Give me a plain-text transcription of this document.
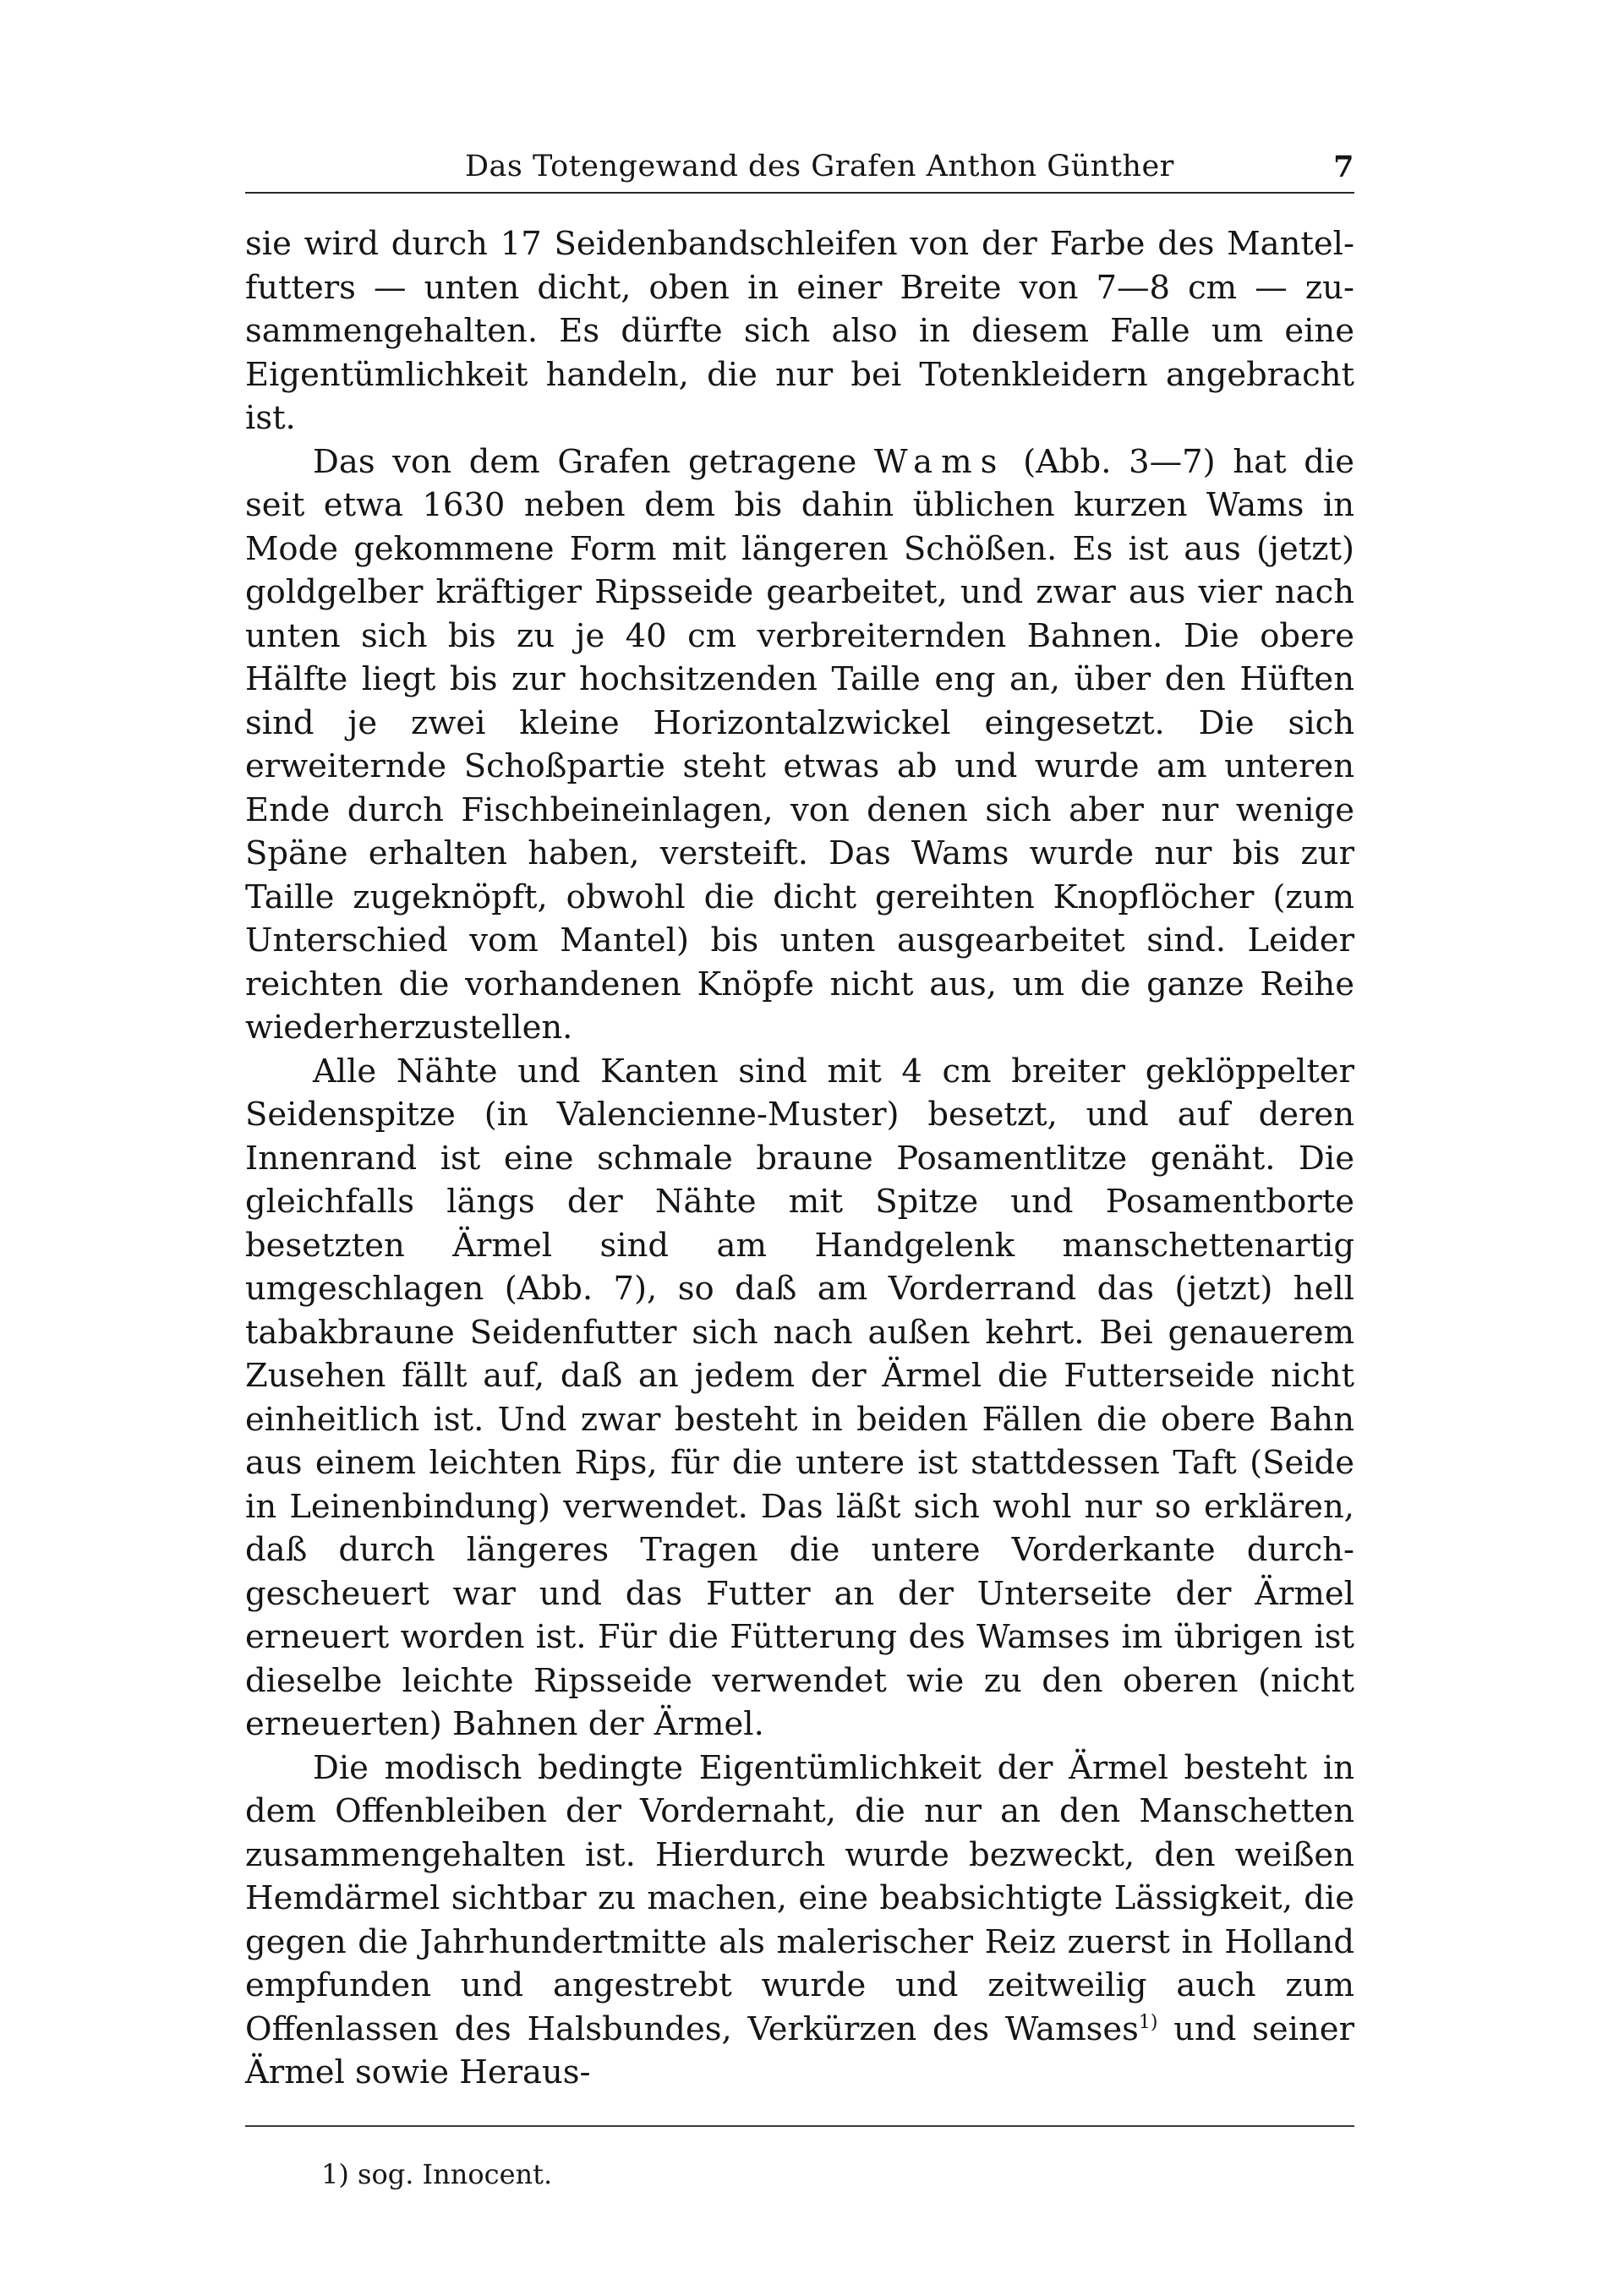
Das Totengewand des Grafen Anthon Günther	7

sie wird durch 17 Seidenbandschleifen von der Farbe des Mantelfutters — unten dicht, oben in einer Breite von 7—8 cm — zusammengehalten. Es dürfte sich also in diesem Falle um eine Eigentümlichkeit handeln, die nur bei Totenkleidern angebracht ist.

Das von dem Grafen getragene Wams (Abb. 3—7) hat die seit etwa 1630 neben dem bis dahin üblichen kurzen Wams in Mode gekommene Form mit längeren Schößen. Es ist aus (jetzt) goldgelber kräftiger Ripsseide gearbeitet, und zwar aus vier nach unten sich bis zu je 40 cm verbreiternden Bahnen. Die obere Hälfte liegt bis zur hochsitzenden Taille eng an, über den Hüften sind je zwei kleine Horizontalzwickel eingesetzt. Die sich erweiternde Schoßpartie steht etwas ab und wurde am unteren Ende durch Fischbeineinlagen, von denen sich aber nur wenige Späne erhalten haben, versteift. Das Wams wurde nur bis zur Taille zugeknöpft, obwohl die dicht gereihten Knopflöcher (zum Unterschied vom Mantel) bis unten ausgearbeitet sind. Leider reichten die vorhandenen Knöpfe nicht aus, um die ganze Reihe wiederherzustellen.

Alle Nähte und Kanten sind mit 4 cm breiter geklöppelter Seidenspitze (in Valencienne-Muster) besetzt, und auf deren Innenrand ist eine schmale braune Posamentlitze genäht. Die gleichfalls längs der Nähte mit Spitze und Posamentborte besetzten Ärmel sind am Handgelenk manschettenartig umgeschlagen (Abb. 7), so daß am Vorderrand das (jetzt) hell tabakbraune Seidenfutter sich nach außen kehrt. Bei genauerem Zusehen fällt auf, daß an jedem der Ärmel die Futterseide nicht einheitlich ist. Und zwar besteht in beiden Fällen die obere Bahn aus einem leichten Rips, für die untere ist stattdessen Taft (Seide in Leinenbindung) verwendet. Das läßt sich wohl nur so erklären, daß durch längeres Tragen die untere Vorderkante durchgescheuert war und das Futter an der Unterseite der Ärmel erneuert worden ist. Für die Fütterung des Wamses im übrigen ist dieselbe leichte Ripsseide verwendet wie zu den oberen (nicht erneuerten) Bahnen der Ärmel.

Die modisch bedingte Eigentümlichkeit der Ärmel besteht in dem Offenbleiben der Vordernaht, die nur an den Manschetten zusammengehalten ist. Hierdurch wurde bezweckt, den weißen Hemdärmel sichtbar zu machen, eine beabsichtigte Lässigkeit, die gegen die Jahrhundertmitte als malerischer Reiz zuerst in Holland empfunden und angestrebt wurde und zeitweilig auch zum Offenlassen des Halsbundes, Verkürzen des Wamses$^{1)}$ und seiner Ärmel sowie Heraus-

1) sog. Innocent.
